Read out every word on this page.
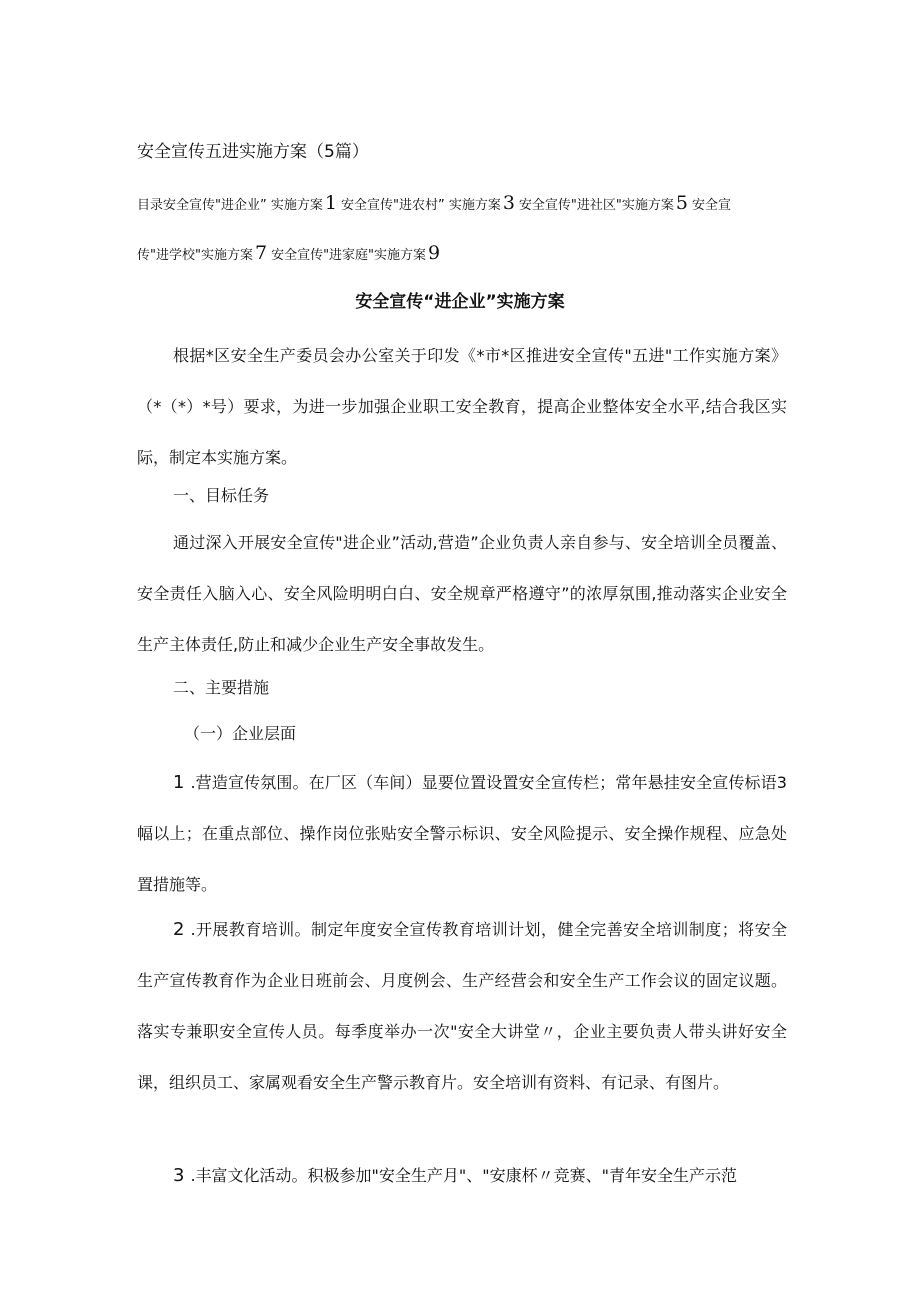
安全宣传五进实施方案（5篇）
目录安全宣传"进企业” 实施方案 1 安全宣传"进农村” 实施方案 3 安全宣传"进社区"实施方案 5 安全宣
传"进学校"实施方案 7 安全宣传"进家庭"实施方案 9
安全宣传“进企业”实施方案
根据*区安全生产委员会办公室关于印发《*市*区推进安全宣传"五进"工作实施方案》（*（*）*号）要求，为进一步加强企业职工安全教育，提高企业整体安全水平,结合我区实际，制定本实施方案。
一、目标任务
通过深入开展安全宣传"进企业”活动,营造”企业负责人亲自参与、安全培训全员覆盖、安全责任入脑入心、安全风险明明白白、安全规章严格遵守”的浓厚氛围,推动落实企业安全生产主体责任,防止和减少企业生产安全事故发生。
二、主要措施
（一）企业层面
1.营造宣传氛围。在厂区（车间）显要位置设置安全宣传栏；常年悬挂安全宣传标语3幅以上；在重点部位、操作岗位张贴安全警示标识、安全风险提示、安全操作规程、应急处置措施等。
2.开展教育培训。制定年度安全宣传教育培训计划，健全完善安全培训制度；将安全生产宣传教育作为企业日班前会、月度例会、生产经营会和安全生产工作会议的固定议题。落实专兼职安全宣传人员。每季度举办一次"安全大讲堂〃，企业主要负责人带头讲好安全课，组织员工、家属观看安全生产警示教育片。安全培训有资料、有记录、有图片。
3.丰富文化活动。积极参加"安全生产月"、"安康杯〃竞赛、"青年安全生产示范
